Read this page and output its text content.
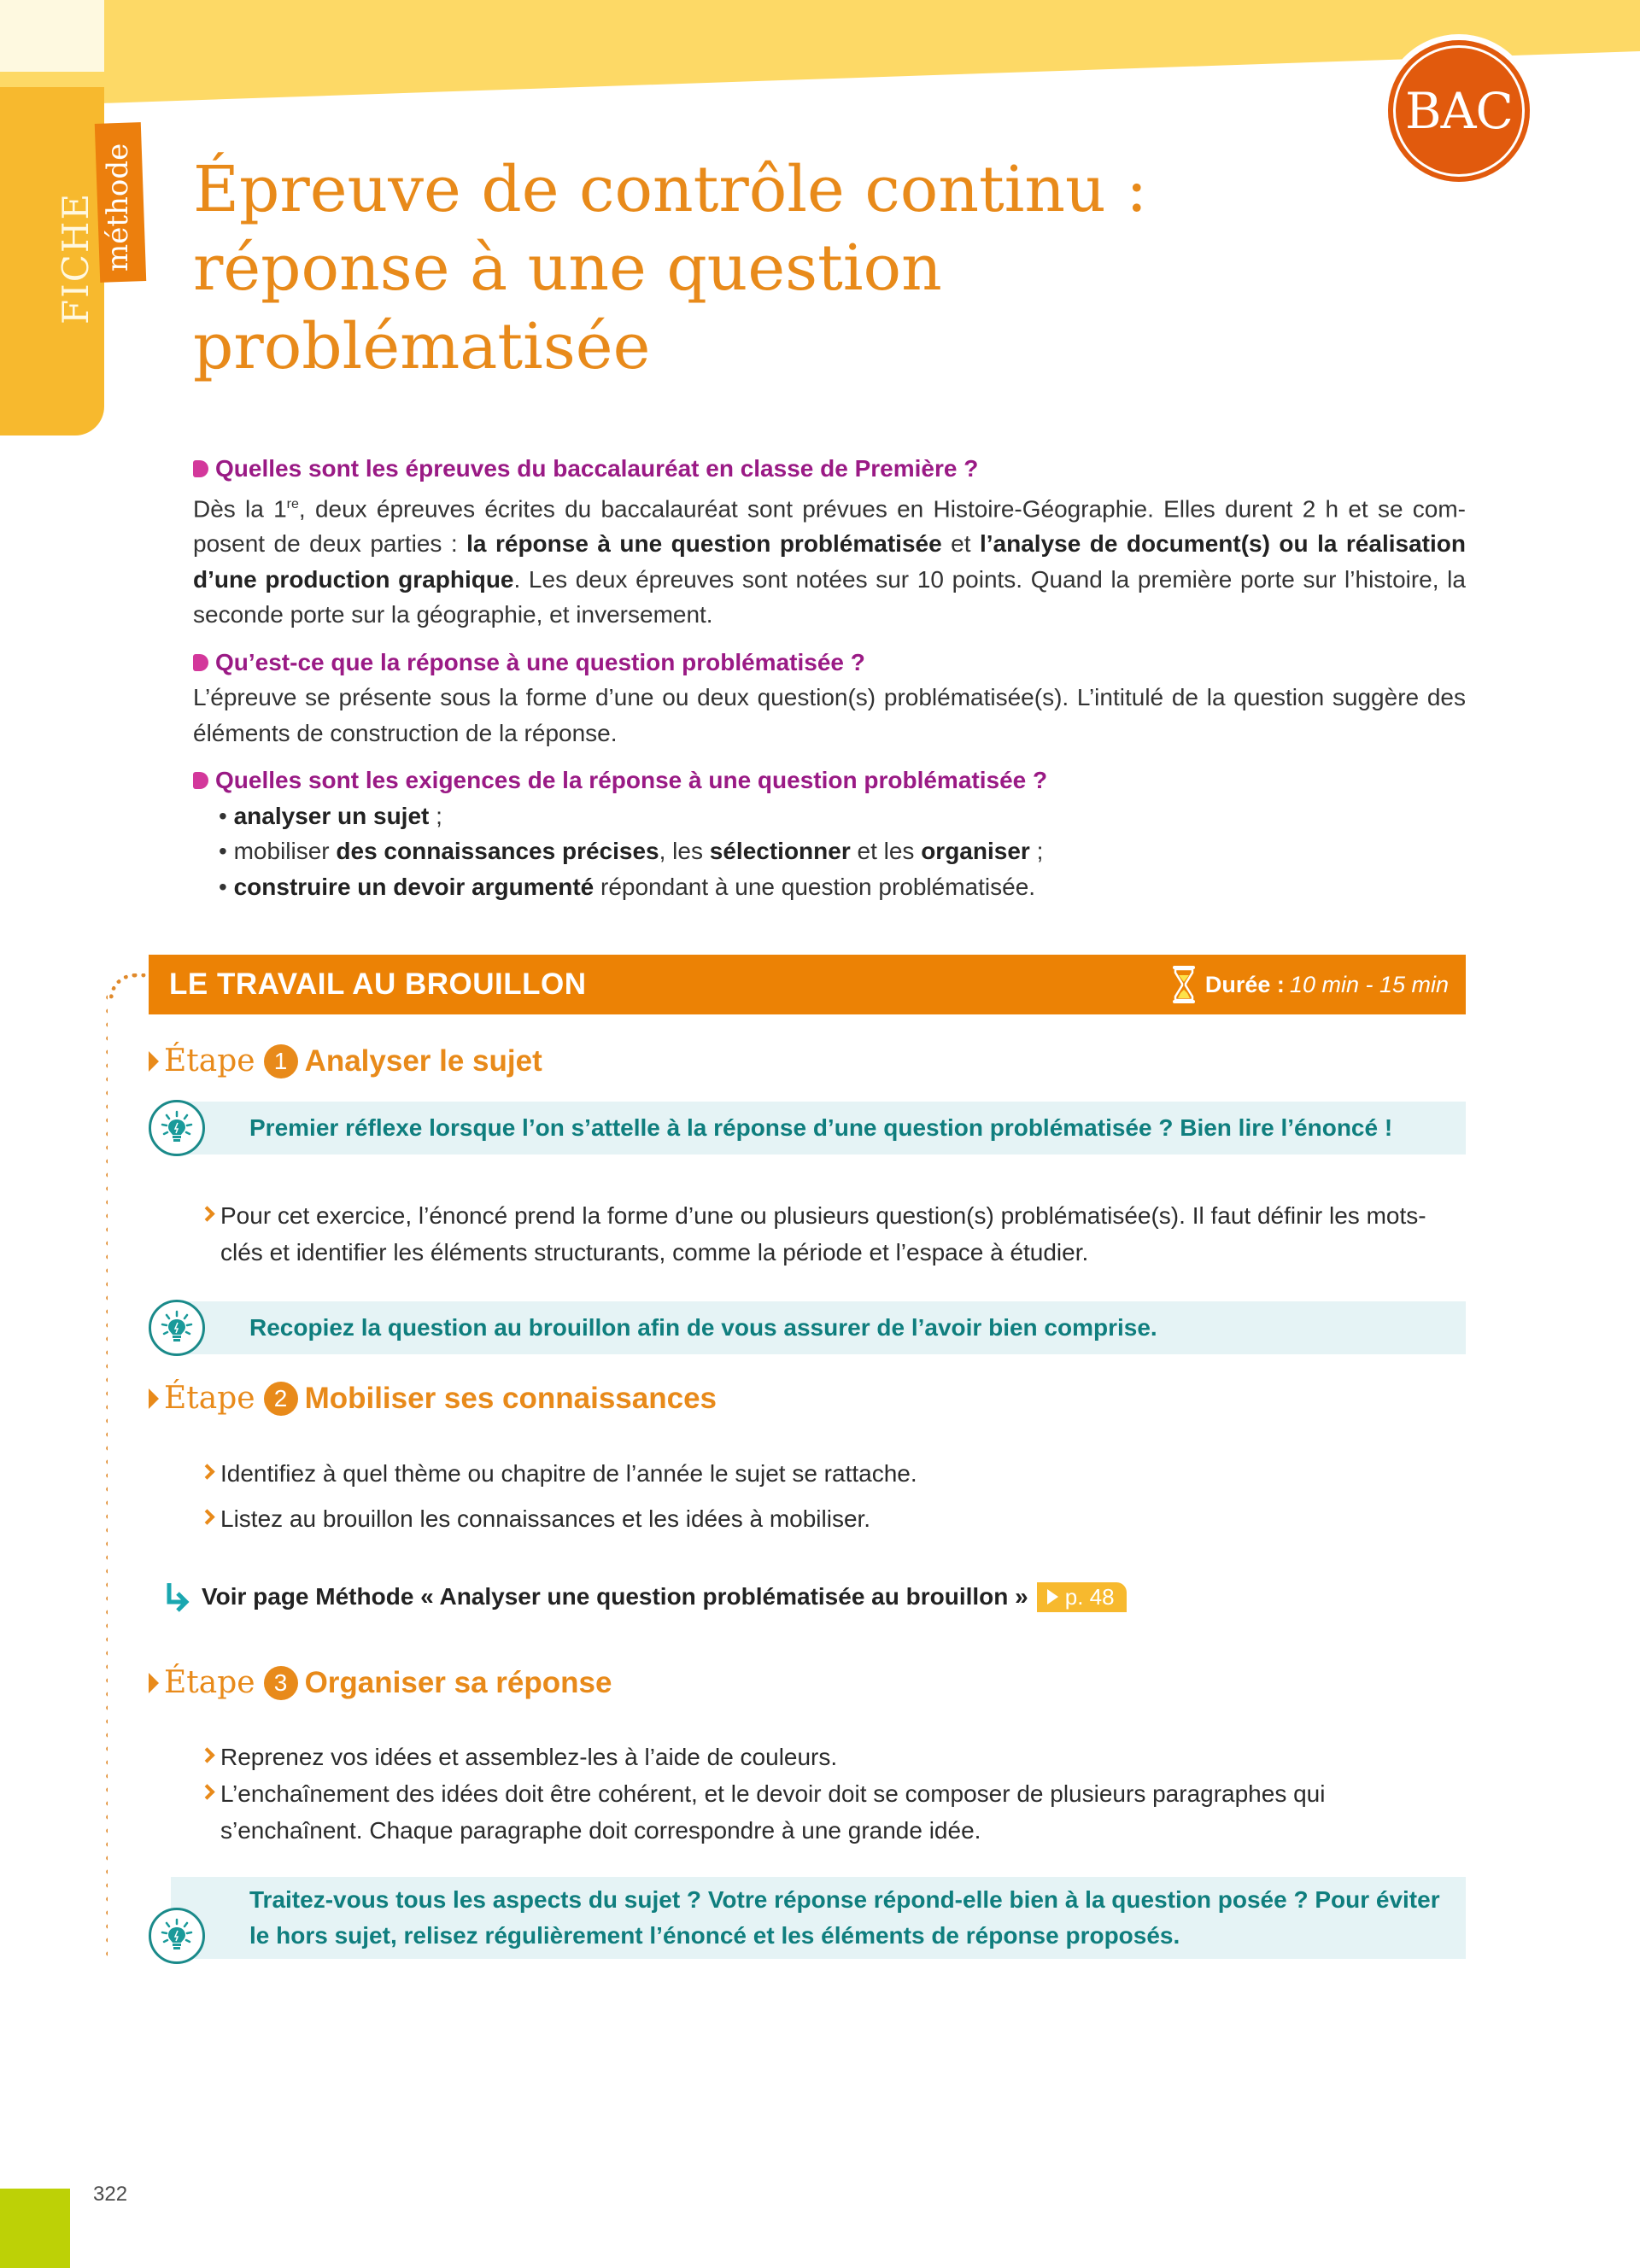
FICHE méthode
BAC
Épreuve de contrôle continu :
réponse à une question
problématisée
Quelles sont les épreuves du baccalauréat en classe de Première ?
Dès la 1re, deux épreuves écrites du baccalauréat sont prévues en Histoire-Géographie. Elles durent 2 h et se composent de deux parties : la réponse à une question problématisée et l’analyse de document(s) ou la réalisation d’une production graphique. Les deux épreuves sont notées sur 10 points. Quand la première porte sur l’histoire, la seconde porte sur la géographie, et inversement.
Qu’est-ce que la réponse à une question problématisée ?
L’épreuve se présente sous la forme d’une ou deux question(s) problématisée(s). L’intitulé de la question suggère des éléments de construction de la réponse.
Quelles sont les exigences de la réponse à une question problématisée ?
• analyser un sujet ;
• mobiliser des connaissances précises, les sélectionner et les organiser ;
• construire un devoir argumenté répondant à une question problématisée.
LE TRAVAIL AU BROUILLON	Durée : 10 min - 15 min
Étape 1 Analyser le sujet
Premier réflexe lorsque l’on s’attelle à la réponse d’une question problématisée ? Bien lire l’énoncé !
Pour cet exercice, l’énoncé prend la forme d’une ou plusieurs question(s) problématisée(s). Il faut définir les mots-clés et identifier les éléments structurants, comme la période et l’espace à étudier.
Recopiez la question au brouillon afin de vous assurer de l’avoir bien comprise.
Étape 2 Mobiliser ses connaissances
Identifiez à quel thème ou chapitre de l’année le sujet se rattache.
Listez au brouillon les connaissances et les idées à mobiliser.
Voir page Méthode « Analyser une question problématisée au brouillon » p. 48
Étape 3 Organiser sa réponse
Reprenez vos idées et assemblez-les à l’aide de couleurs.
L’enchaînement des idées doit être cohérent, et le devoir doit se composer de plusieurs paragraphes qui s’enchaînent. Chaque paragraphe doit correspondre à une grande idée.
Traitez-vous tous les aspects du sujet ? Votre réponse répond-elle bien à la question posée ? Pour éviter le hors sujet, relisez régulièrement l’énoncé et les éléments de réponse proposés.
322
